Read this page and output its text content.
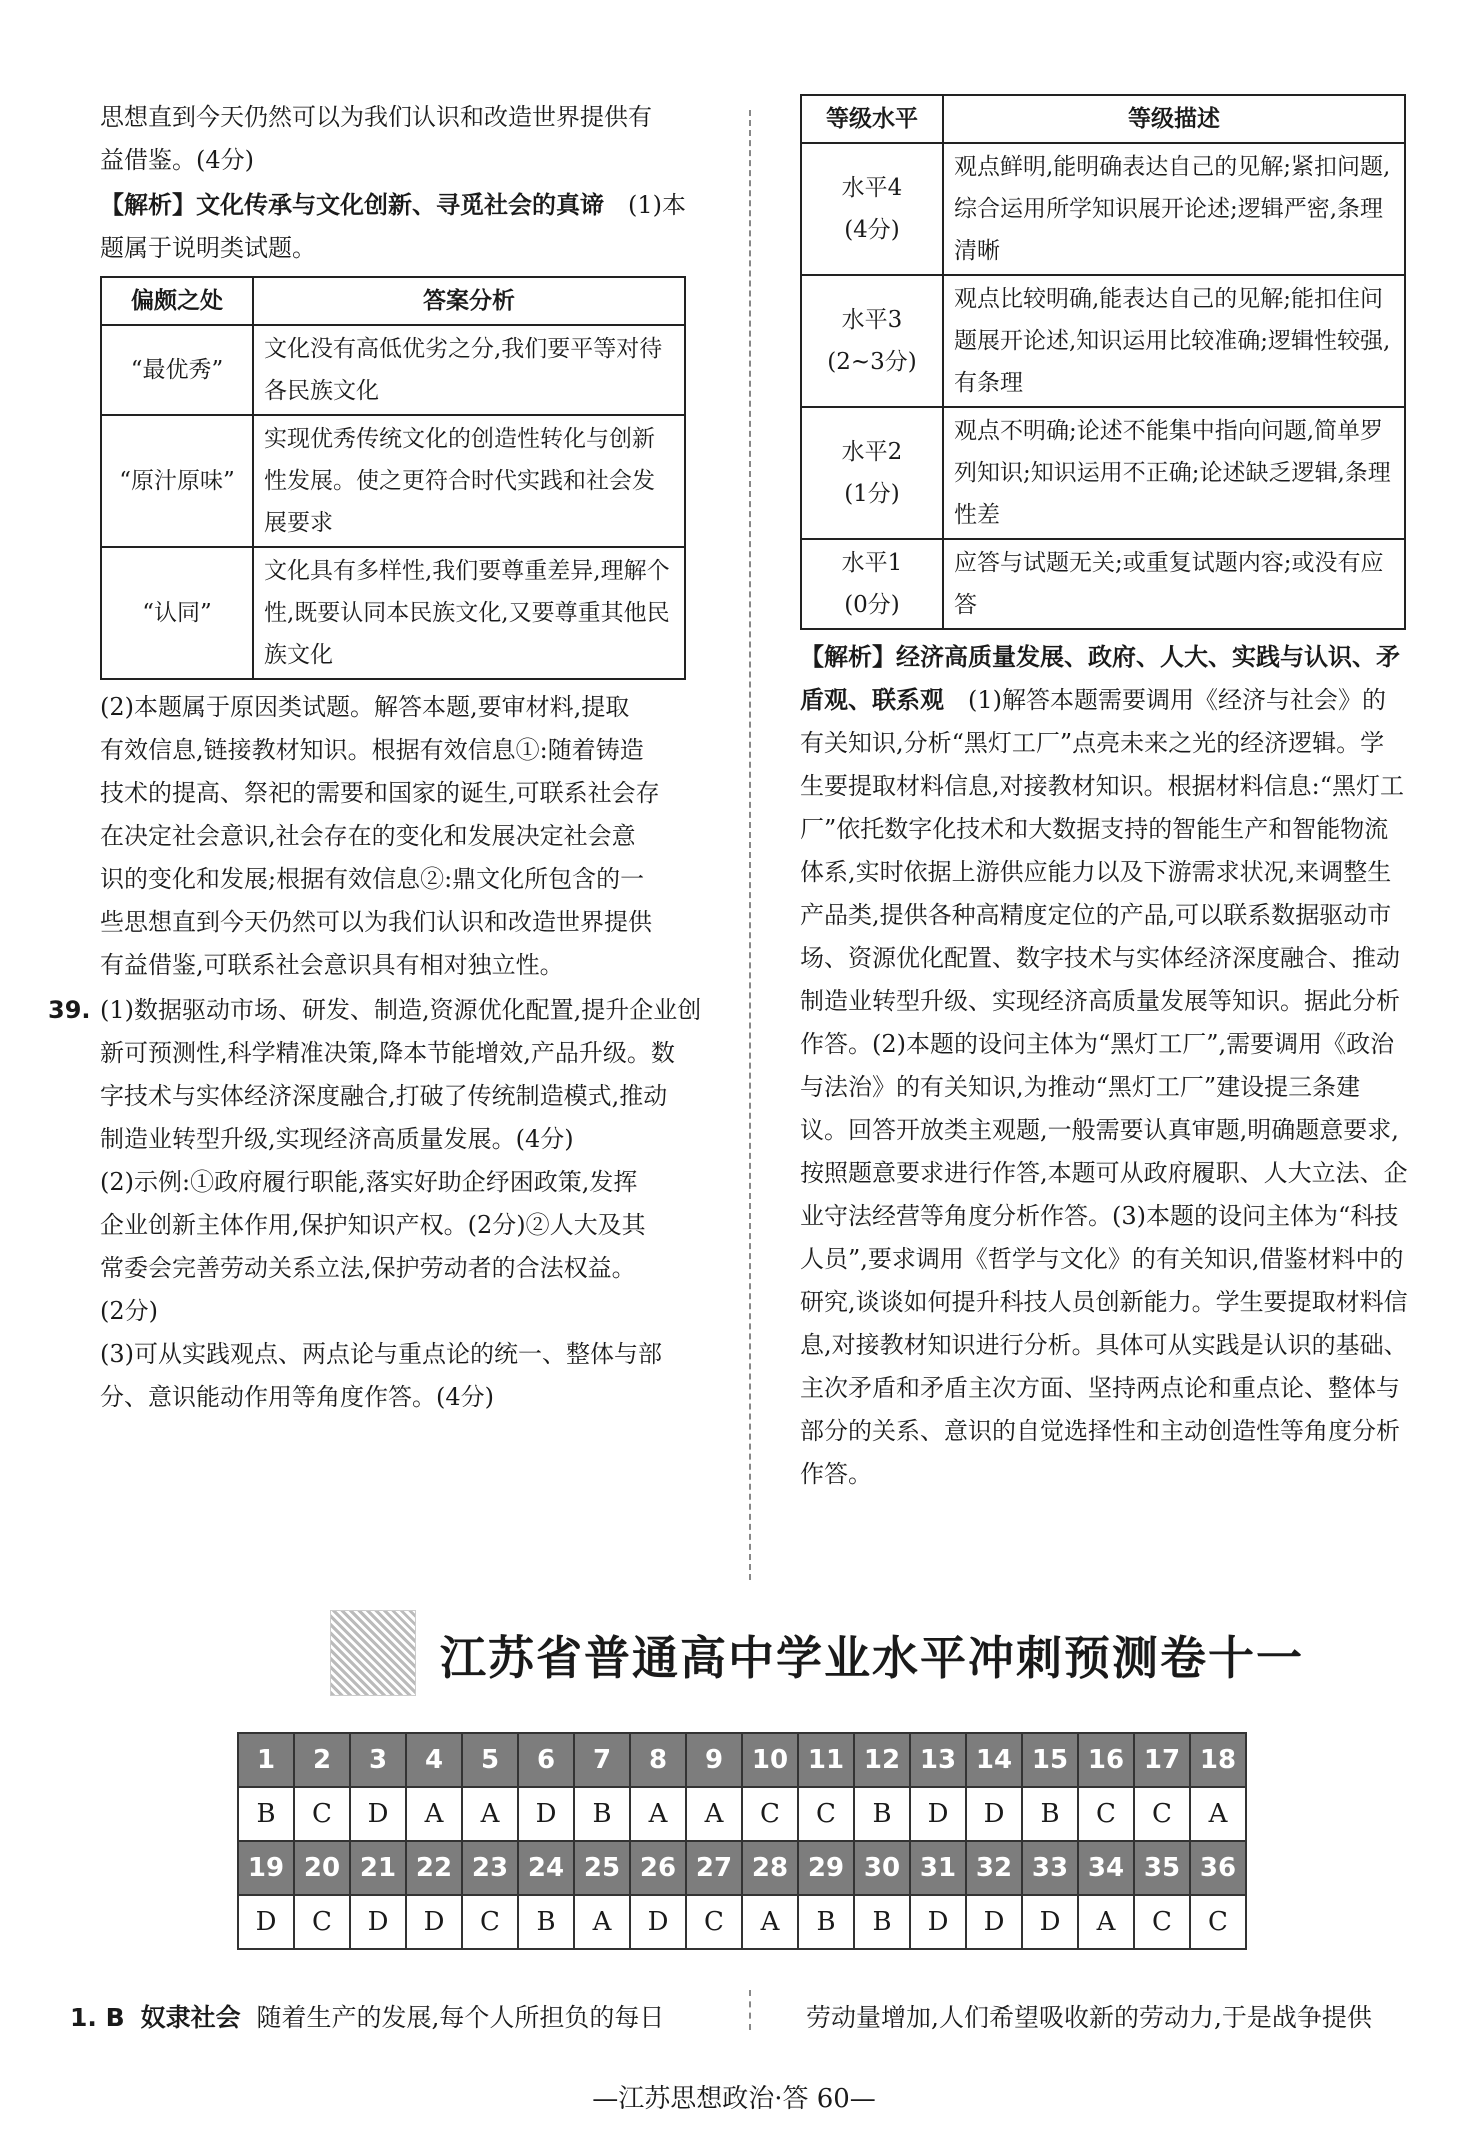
思想直到今天仍然可以为我们认识和改造世界提供有

益借鉴。(4分)

【解析】文化传承与文化创新、寻觅社会的真谛　(1)本

题属于说明类试题。

偏颇之处	答案分析
“最优秀”	文化没有高低优劣之分,我们要平等对待各民族文化
“原汁原味”	实现优秀传统文化的创造性转化与创新性发展。使之更符合时代实践和社会发展要求
“认同”	文化具有多样性,我们要尊重差异,理解个性,既要认同本民族文化,又要尊重其他民族文化

(2)本题属于原因类试题。解答本题,要审材料,提取

有效信息,链接教材知识。根据有效信息①:随着铸造

技术的提高、祭祀的需要和国家的诞生,可联系社会存

在决定社会意识,社会存在的变化和发展决定社会意

识的变化和发展;根据有效信息②:鼎文化所包含的一

些思想直到今天仍然可以为我们认识和改造世界提供

有益借鉴,可联系社会意识具有相对独立性。

39. (1)数据驱动市场、研发、制造,资源优化配置,提升企业创

新可预测性,科学精准决策,降本节能增效,产品升级。数

字技术与实体经济深度融合,打破了传统制造模式,推动

制造业转型升级,实现经济高质量发展。(4分)

(2)示例:①政府履行职能,落实好助企纾困政策,发挥

企业创新主体作用,保护知识产权。(2分)②人大及其

常委会完善劳动关系立法,保护劳动者的合法权益。

(2分)

(3)可从实践观点、两点论与重点论的统一、整体与部

分、意识能动作用等角度作答。(4分)

等级水平	等级描述

水平4
(4分)	观点鲜明,能明确表达自己的见解;紧扣问题,综合运用所学知识展开论述;逻辑严密,条理清晰

水平3
(2~3分)	观点比较明确,能表达自己的见解;能扣住问题展开论述,知识运用比较准确;逻辑性较强,有条理

水平2
(1分)	观点不明确;论述不能集中指向问题,简单罗列知识;知识运用不正确;论述缺乏逻辑,条理性差

水平1
(0分)	应答与试题无关;或重复试题内容;或没有应答

【解析】经济高质量发展、政府、人大、实践与认识、矛盾观、联系观　 (1)解答本题需要调用《经济与社会》的有关知识,分析“黑灯工厂”点亮未来之光的经济逻辑。学生要提取材料信息,对接教材知识。根据材料信息:“黑灯工厂”依托数字化技术和大数据支持的智能生产和智能物流体系,实时依据上游供应能力以及下游需求状况,来调整生产品类,提供各种高精度定位的产品,可以联系数据驱动市场、资源优化配置、数字技术与实体经济深度融合、推动制造业转型升级、实现经济高质量发展等知识。据此分析作答。(2)本题的设问主体为“黑灯工厂”,需要调用《政治与法治》的有关知识,为推动“黑灯工厂”建设提三条建议。回答开放类主观题,一般需要认真审题,明确题意要求,按照题意要求进行作答,本题可从政府履职、人大立法、企业守法经营等角度分析作答。(3)本题的设问主体为“科技人员”,要求调用《哲学与文化》的有关知识,借鉴材料中的研究,谈谈如何提升科技人员创新能力。学生要提取材料信息,对接教材知识进行分析。具体可从实践是认识的基础、主次矛盾和矛盾主次方面、坚持两点论和重点论、整体与部分的关系、意识的自觉选择性和主动创造性等角度分析作答。

江苏省普通高中学业水平冲刺预测卷十一
1	2	3	4	5	6	7	8	9	10	11	12	13	14	15	16	17	18
B	C	D	A	A	D	B	A	A	C	C	B	D	D	B	C	C	A
19	20	21	22	23	24	25	26	27	28	29	30	31	32	33	34	35	36
D	C	D	D	C	B	A	D	C	A	B	B	D	D	D	A	C	C
1. B 奴隶社会 随着生产的发展,每个人所担负的每日	劳动量增加,人们希望吸收新的劳动力,于是战争提供
—江苏思想政治·答 60—
